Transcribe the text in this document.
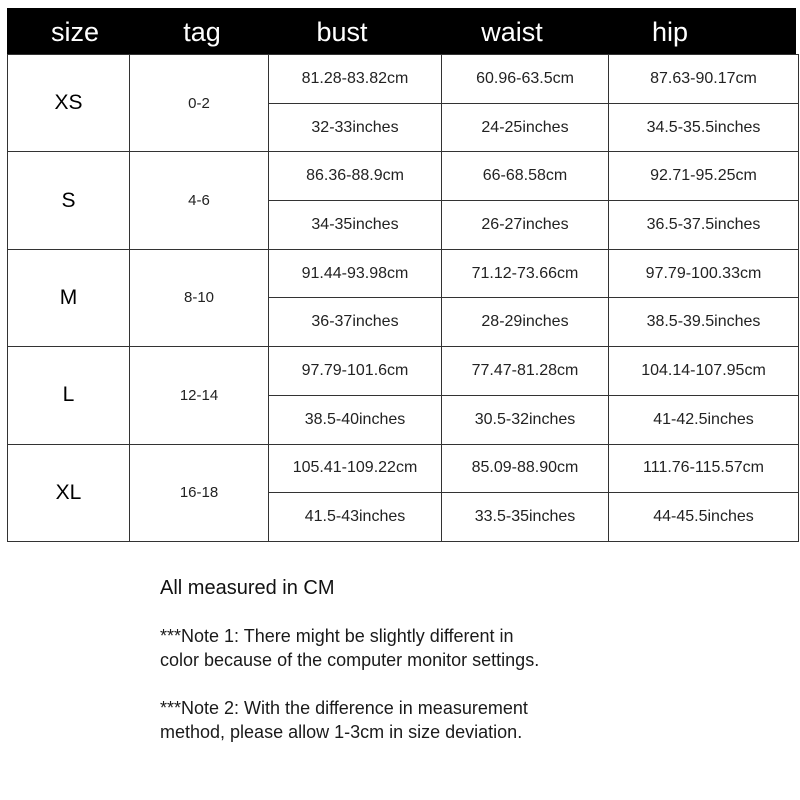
size	tag	bust	waist	hip
XS	0-2	81.28-83.82cm	60.96-63.5cm	87.63-90.17cm
		32-33inches	24-25inches	34.5-35.5inches
S	4-6	86.36-88.9cm	66-68.58cm	92.71-95.25cm
		34-35inches	26-27inches	36.5-37.5inches
M	8-10	91.44-93.98cm	71.12-73.66cm	97.79-100.33cm
		36-37inches	28-29inches	38.5-39.5inches
L	12-14	97.79-101.6cm	77.47-81.28cm	104.14-107.95cm
		38.5-40inches	30.5-32inches	41-42.5inches
XL	16-18	105.41-109.22cm	85.09-88.90cm	111.76-115.57cm
		41.5-43inches	33.5-35inches	44-45.5inches

All measured in CM

***Note 1: There might be slightly different in

color because of the computer monitor settings.

***Note 2: With the difference in measurement

method, please allow 1-3cm in size deviation.
